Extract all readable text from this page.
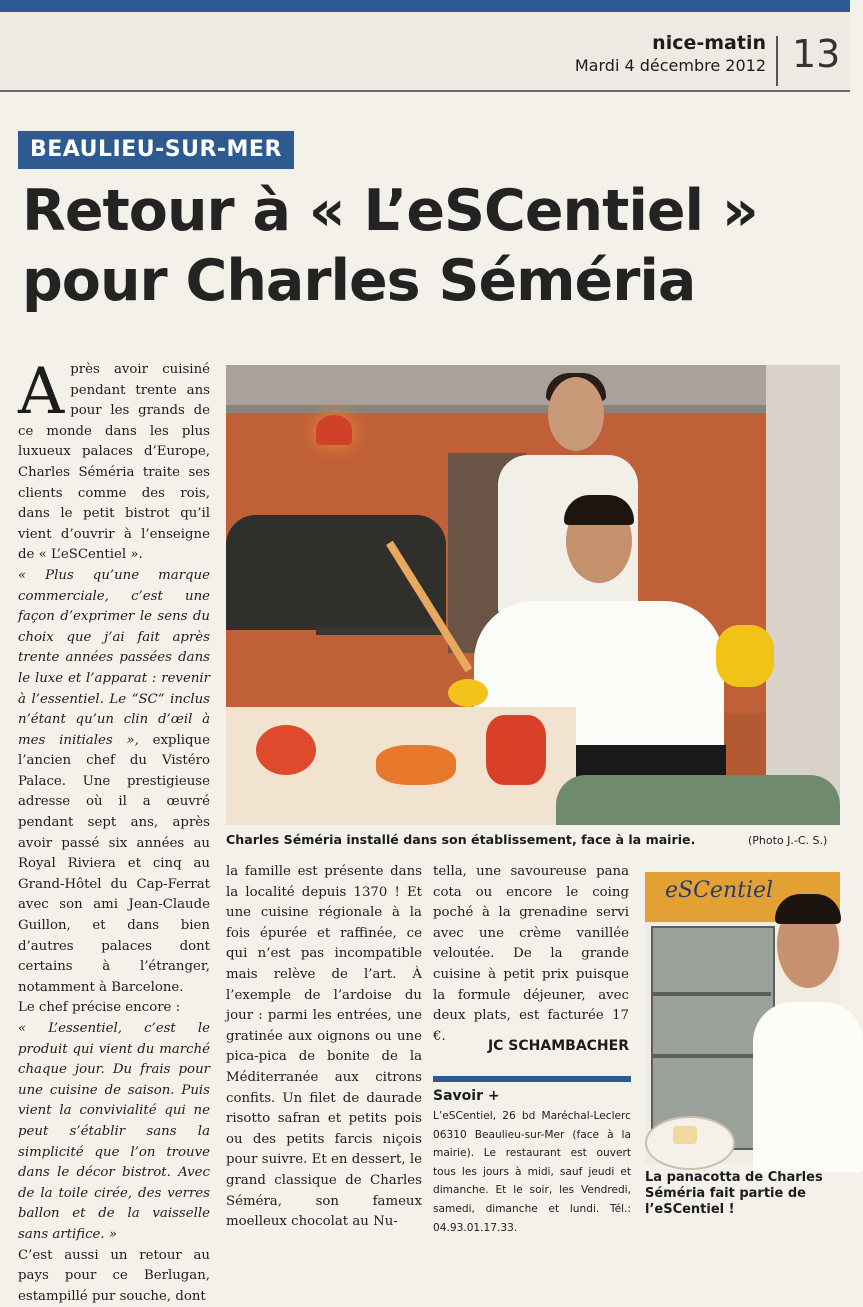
nice-matin
Mardi 4 décembre 2012 13
BEAULIEU-SUR-MER
Retour à « L’eSCentiel »
pour Charles Séméria

Après avoir cuisiné pendant trente ans pour les grands de ce monde dans les plus luxueux palaces d’Europe, Charles Séméria traite ses clients comme des rois, dans le petit bistrot qu’il vient d’ouvrir à l’enseigne de « L’eSCentiel ».

« Plus qu’une marque commerciale, c’est une façon d’exprimer le sens du choix que j’ai fait après trente années passées dans le luxe et l’apparat : revenir à l’essentiel. Le “SC” inclus n’étant qu’un clin d’œil à mes initiales », explique l’ancien chef du Vistéro Palace. Une prestigieuse adresse où il a œuvré pendant sept ans, après avoir passé six années au Royal Riviera et cinq au Grand-Hôtel du Cap-Ferrat avec son ami Jean-Claude Guillon, et dans bien d’autres palaces dont certains à l’étranger, notamment à Barcelone.

Le chef précise encore :

« L’essentiel, c’est le produit qui vient du marché chaque jour. Du frais pour une cuisine de saison. Puis vient la convivialité qui ne peut s’établir sans la simplicité que l’on trouve dans le décor bistrot. Avec de la toile cirée, des verres ballon et de la vaisselle sans artifice. »

C’est aussi un retour au pays pour ce Berlugan, estampillé pur souche, dont

la famille est présente dans la localité depuis 1370 ! Et une cuisine régionale à la fois épurée et raffinée, ce qui n’est pas incompatible mais relève de l’art. À l’exemple de l’ardoise du jour : parmi les entrées, une gratinée aux oignons ou une pica-pica de bonite de la Méditerranée aux citrons confits. Un filet de daurade risotto safran et petits pois ou des petits farcis niçois pour suivre. Et en dessert, le grand classique de Charles Séméra, son fameux moelleux chocolat au Nu-

tella, une savoureuse pana cota ou encore le coing poché à la grenadine servi avec une crème vanillée veloutée. De la grande cuisine à petit prix puisque la formule déjeuner, avec deux plats, est facturée 17 €.

JC SCHAMBACHER
Savoir +
L’eSCentiel, 26 bd Maréchal-Leclerc 06310 Beaulieu-sur-Mer (face à la mairie). Le restaurant est ouvert tous les jours à midi, sauf jeudi et dimanche. Et le soir, les Vendredi, samedi, dimanche et lundi. Tél.: 04.93.01.17.33.
Charles Séméria installé dans son établissement, face à la mairie.	(Photo J.-C. S.)
eSCentiel
La panacotta de Charles Séméria fait partie de l’eSCentiel !
